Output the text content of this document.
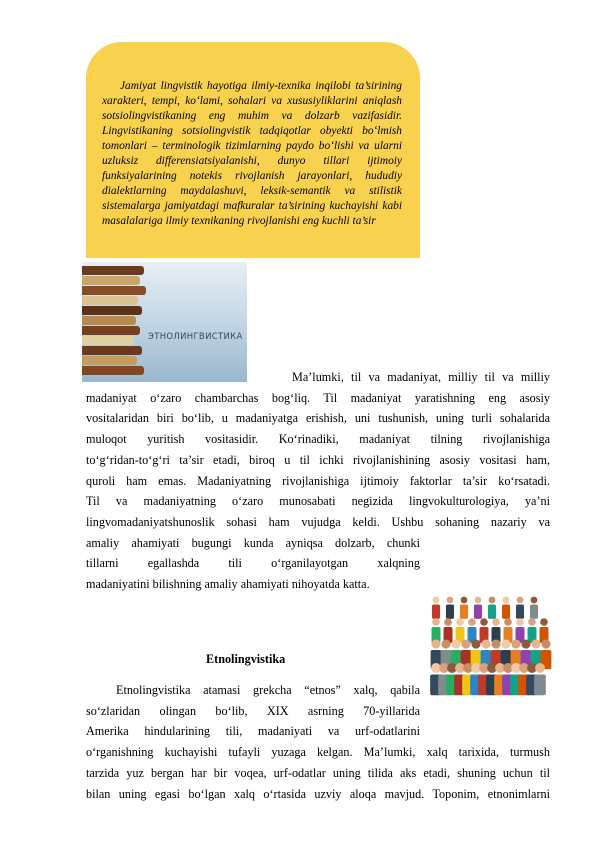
Jamiyat lingvistik hayotiga ilmiy-texnika inqilobi ta’sirining xarakteri, tempi, ko‘lami, sohalari va xususiyliklarini aniqlash sotsiolingvistikaning eng muhim va dolzarb vazifasidir. Lingvistikaning sotsiolingvistik tadqiqotlar obyekti bo‘lmish tomonlari – terminologik tizimlarning paydo bo‘lishi va ularni uzluksiz differensiatsiyalanishi, dunyo tillari ijtimoiy funksiyalarining notekis rivojlanish jarayonlari, hududiy dialektlarning maydalashuvi, leksik-semantik va stilistik sistemalarga jamiyatdagi mafkuralar ta’sirining kuchayishi kabi masalalariga ilmiy texnikaning rivojlanishi eng kuchli ta’sir

ЭТНОЛИНГВИСТИКА

Ma’lumki, til va madaniyat, milliy til va milliy
madaniyat o‘zaro chambarchas bog‘liq. Til madaniyat yaratishning eng asosiy
vositalaridan biri bo‘lib, u madaniyatga erishish, uni tushunish, uning turli sohalarida
muloqot yuritish vositasidir. Ko‘rinadiki, madaniyat tilning rivojlanishiga
to‘g‘ridan-to‘g‘ri ta’sir etadi, biroq u til ichki rivojlanishining asosiy vositasi ham,
quroli ham emas. Madaniyatning rivojlanishiga ijtimoiy faktorlar ta’sir ko‘rsatadi.
Til va madaniyatning o‘zaro munosabati negizida lingvokulturologiya, ya’ni
lingvomadaniyatshunoslik sohasi ham vujudga keldi. Ushbu sohaning nazariy va
amaliy ahamiyati bugungi kunda ayniqsa dolzarb, chunki
tillarni egallashda tili o‘rganilayotgan xalqning
madaniyatini bilishning amaliy ahamiyati nihoyatda katta.

Etnolingvistika

Etnolingvistika atamasi grekcha “etnos” xalq, qabila
so‘zlaridan olingan bo‘lib, XIX asrning 70-yillarida
Amerika hindularining tili, madaniyati va urf-odatlarini
o‘rganishning kuchayishi tufayli yuzaga kelgan. Ma’lumki, xalq tarixida, turmush
tarzida yuz bergan har bir voqea, urf-odatlar uning tilida aks etadi, shuning uchun til
bilan uning egasi bo‘lgan xalq o‘rtasida uzviy aloqa mavjud. Toponim, etnonimlarni
